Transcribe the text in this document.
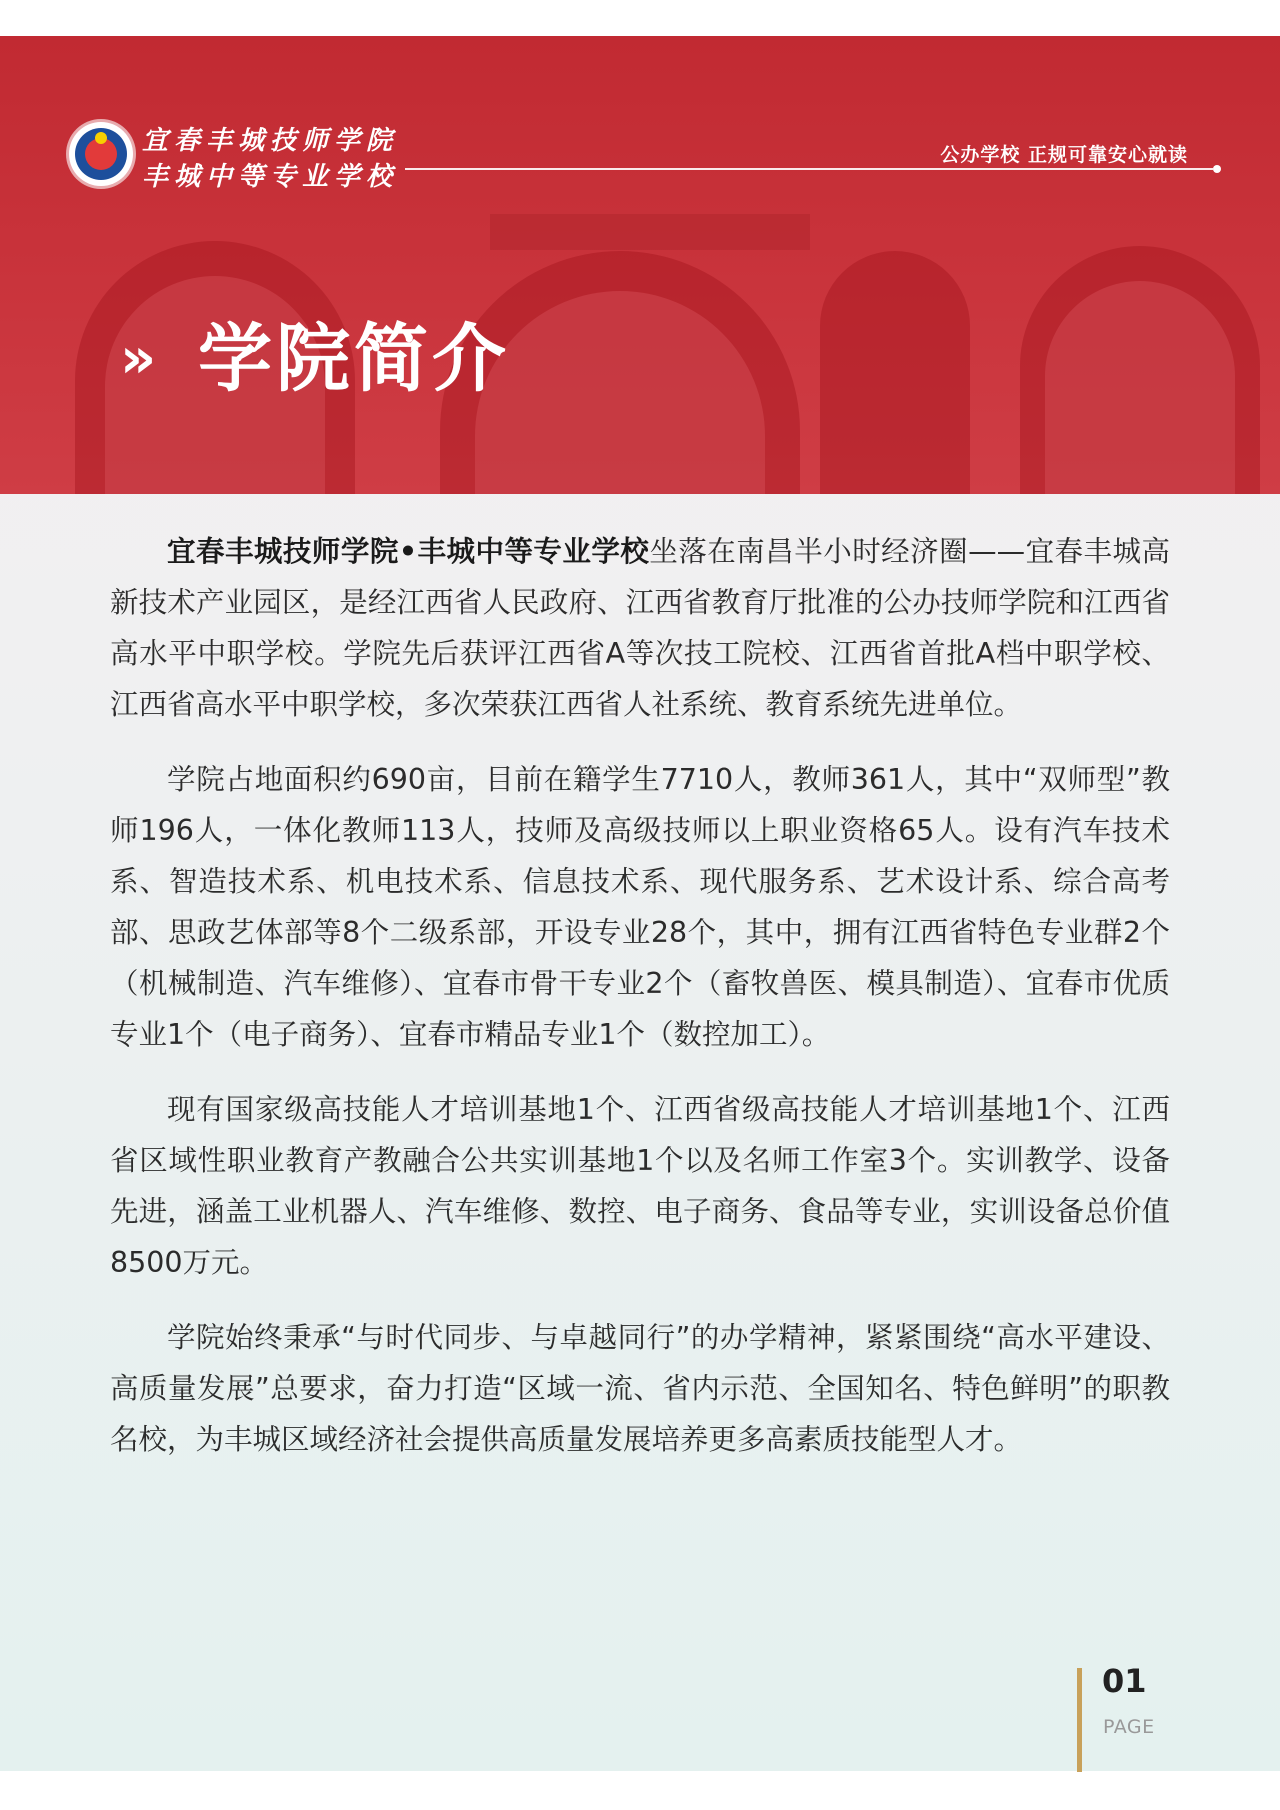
宜春丰城技师学院
丰城中等专业学校
公办学校 正规可靠安心就读
» 学院简介

宜春丰城技师学院•丰城中等专业学校坐落在南昌半小时经济圈——宜春丰城高新技术产业园区，是经江西省人民政府、江西省教育厅批准的公办技师学院和江西省高水平中职学校。学院先后获评江西省A等次技工院校、江西省首批A档中职学校、江西省高水平中职学校，多次荣获江西省人社系统、教育系统先进单位。

学院占地面积约690亩，目前在籍学生7710人，教师361人，其中“双师型”教师196人，一体化教师113人，技师及高级技师以上职业资格65人。设有汽车技术系、智造技术系、机电技术系、信息技术系、现代服务系、艺术设计系、综合高考部、思政艺体部等8个二级系部，开设专业28个，其中，拥有江西省特色专业群2个（机械制造、汽车维修）、宜春市骨干专业2个（畜牧兽医、模具制造）、宜春市优质专业1个（电子商务）、宜春市精品专业1个（数控加工）。

现有国家级高技能人才培训基地1个、江西省级高技能人才培训基地1个、江西省区域性职业教育产教融合公共实训基地1个以及名师工作室3个。实训教学、设备先进，涵盖工业机器人、汽车维修、数控、电子商务、食品等专业，实训设备总价值8500万元。

学院始终秉承“与时代同步、与卓越同行”的办学精神，紧紧围绕“高水平建设、高质量发展”总要求，奋力打造“区域一流、省内示范、全国知名、特色鲜明”的职教名校，为丰城区域经济社会提供高质量发展培养更多高素质技能型人才。

01
PAGE
